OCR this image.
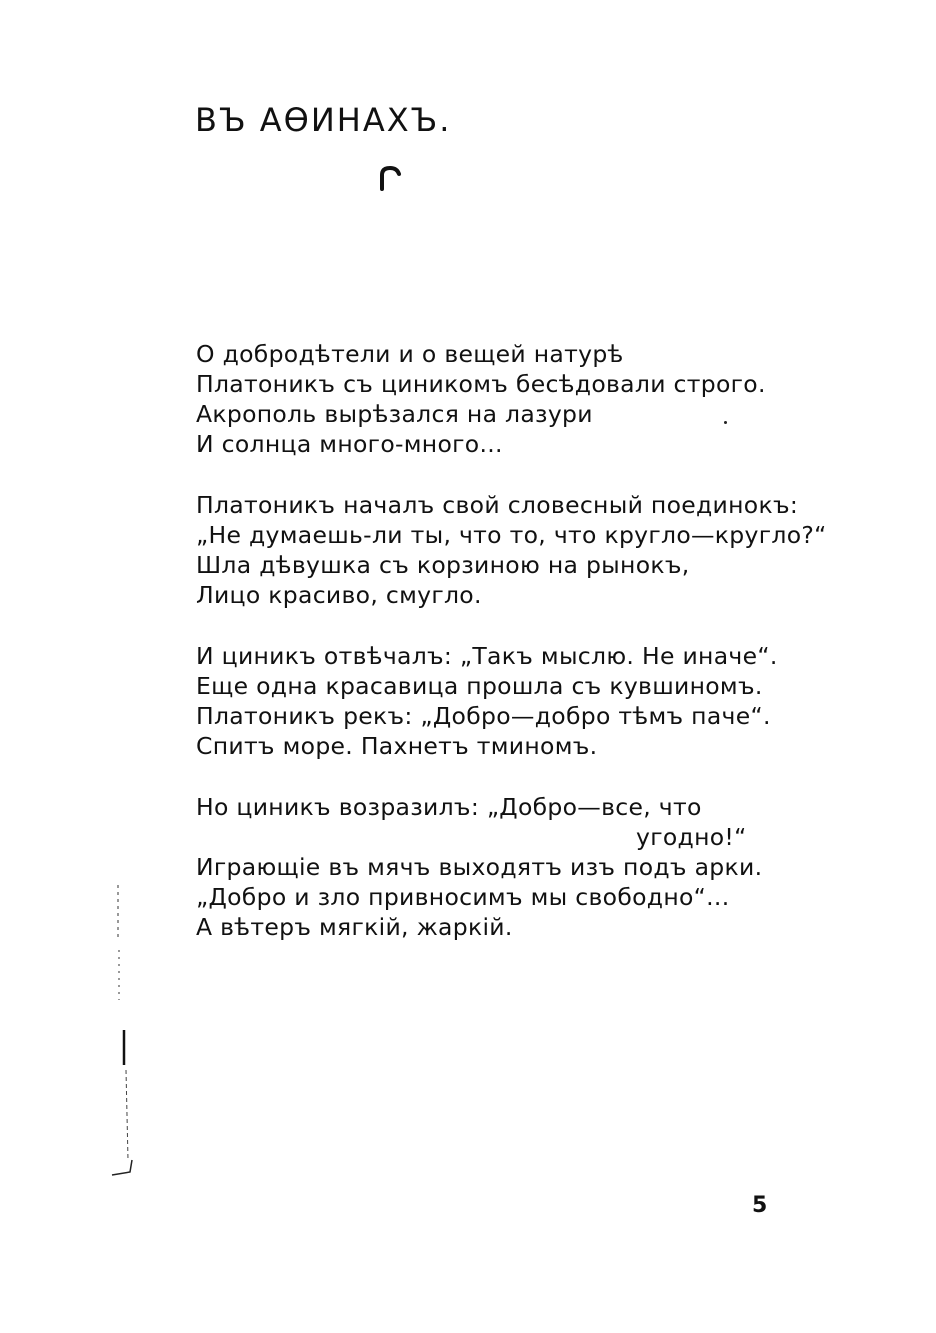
ВЪ АѲИНАХЪ.
О добродѣтели и о вещей натурѣ
Платоникъ съ циникомъ бесѣдовали строго.
Акрополь вырѣзался на лазури
И солнца много-много...
Платоникъ началъ свой словесный поединокъ:
„Не думаешь-ли ты, что то, что кругло—кругло?“
Шла дѣвушка съ корзиною на рынокъ,
Лицо красиво, смугло.
И циникъ отвѣчалъ: „Такъ мыслю. Не иначе“.
Еще одна красавица прошла съ кувшиномъ.
Платоникъ рекъ: „Добро—добро тѣмъ паче“.
Спитъ море. Пахнетъ тминомъ.
Но циникъ возразилъ: „Добро—все, что
угодно!“
Играющіе въ мячъ выходятъ изъ подъ арки.
„Добро и зло привносимъ мы свободно“...
А вѣтеръ мягкій, жаркій.
5
